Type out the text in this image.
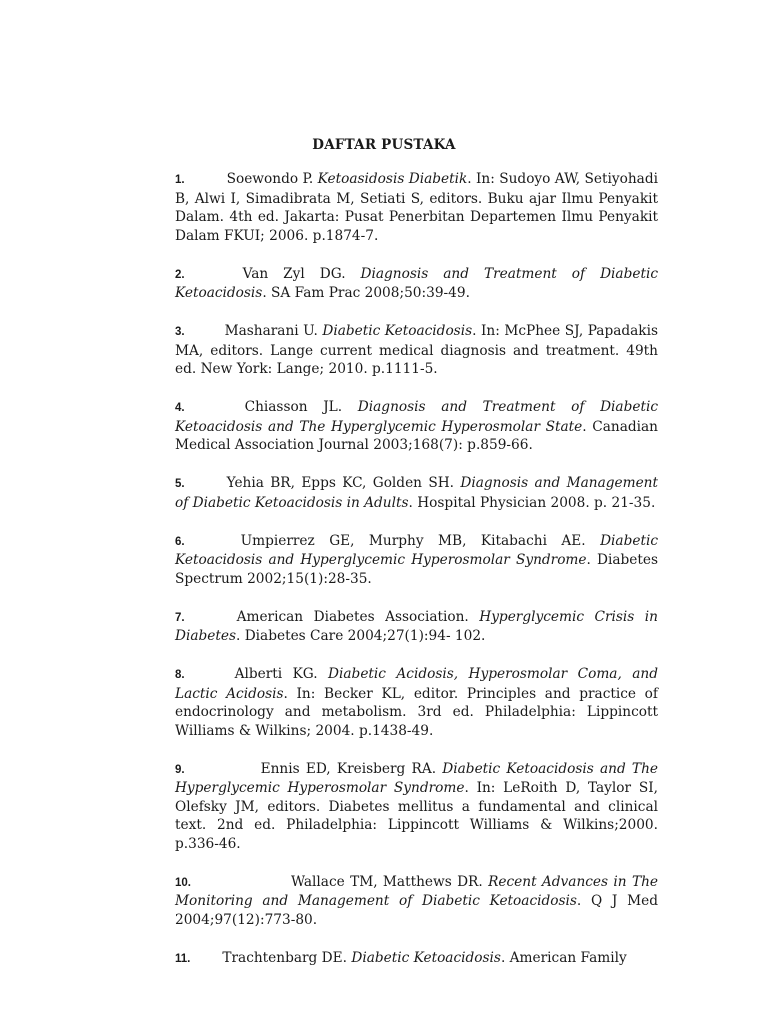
DAFTAR PUSTAKA

1.	Soewondo P. Ketoasidosis Diabetik. In: Sudoyo AW, Setiyohadi B, Alwi I, Simadibrata M, Setiati S, editors. Buku ajar Ilmu Penyakit Dalam. 4th ed. Jakarta: Pusat Penerbitan Departemen Ilmu Penyakit Dalam FKUI; 2006. p.1874-7.

2.	Van Zyl DG. Diagnosis and Treatment of Diabetic Ketoacidosis. SA Fam Prac 2008;50:39-49.

3.	Masharani U. Diabetic Ketoacidosis. In: McPhee SJ, Papadakis MA, editors. Lange current medical diagnosis and treatment. 49th ed. New York: Lange; 2010. p.1111-5.

4.	Chiasson JL. Diagnosis and Treatment of Diabetic Ketoacidosis and The Hyperglycemic Hyperosmolar State. Canadian Medical Association Journal 2003;168(7): p.859-66.

5.	Yehia BR, Epps KC, Golden SH. Diagnosis and Management of Diabetic Ketoacidosis in Adults. Hospital Physician 2008. p. 21-35.

6.	Umpierrez GE, Murphy MB, Kitabachi AE. Diabetic Ketoacidosis and Hyperglycemic Hyperosmolar Syndrome. Diabetes Spectrum 2002;15(1):28-35.

7.	American Diabetes Association. Hyperglycemic Crisis in Diabetes. Diabetes Care 2004;27(1):94- 102.

8.	Alberti KG. Diabetic Acidosis, Hyperosmolar Coma, and Lactic Acidosis. In: Becker KL, editor. Principles and practice of endocrinology and metabolism. 3rd ed. Philadelphia: Lippincott Williams & Wilkins; 2004. p.1438-49.

9.	Ennis ED, Kreisberg RA. Diabetic Ketoacidosis and The Hyperglycemic Hyperosmolar Syndrome. In: LeRoith D, Taylor SI, Olefsky JM, editors. Diabetes mellitus a fundamental and clinical text. 2nd ed. Philadelphia: Lippincott Williams & Wilkins;2000. p.336-46.

10.	Wallace TM, Matthews DR. Recent Advances in The Monitoring and Management of Diabetic Ketoacidosis. Q J Med 2004;97(12):773-80.

11. Trachtenbarg DE. Diabetic Ketoacidosis. American Family
